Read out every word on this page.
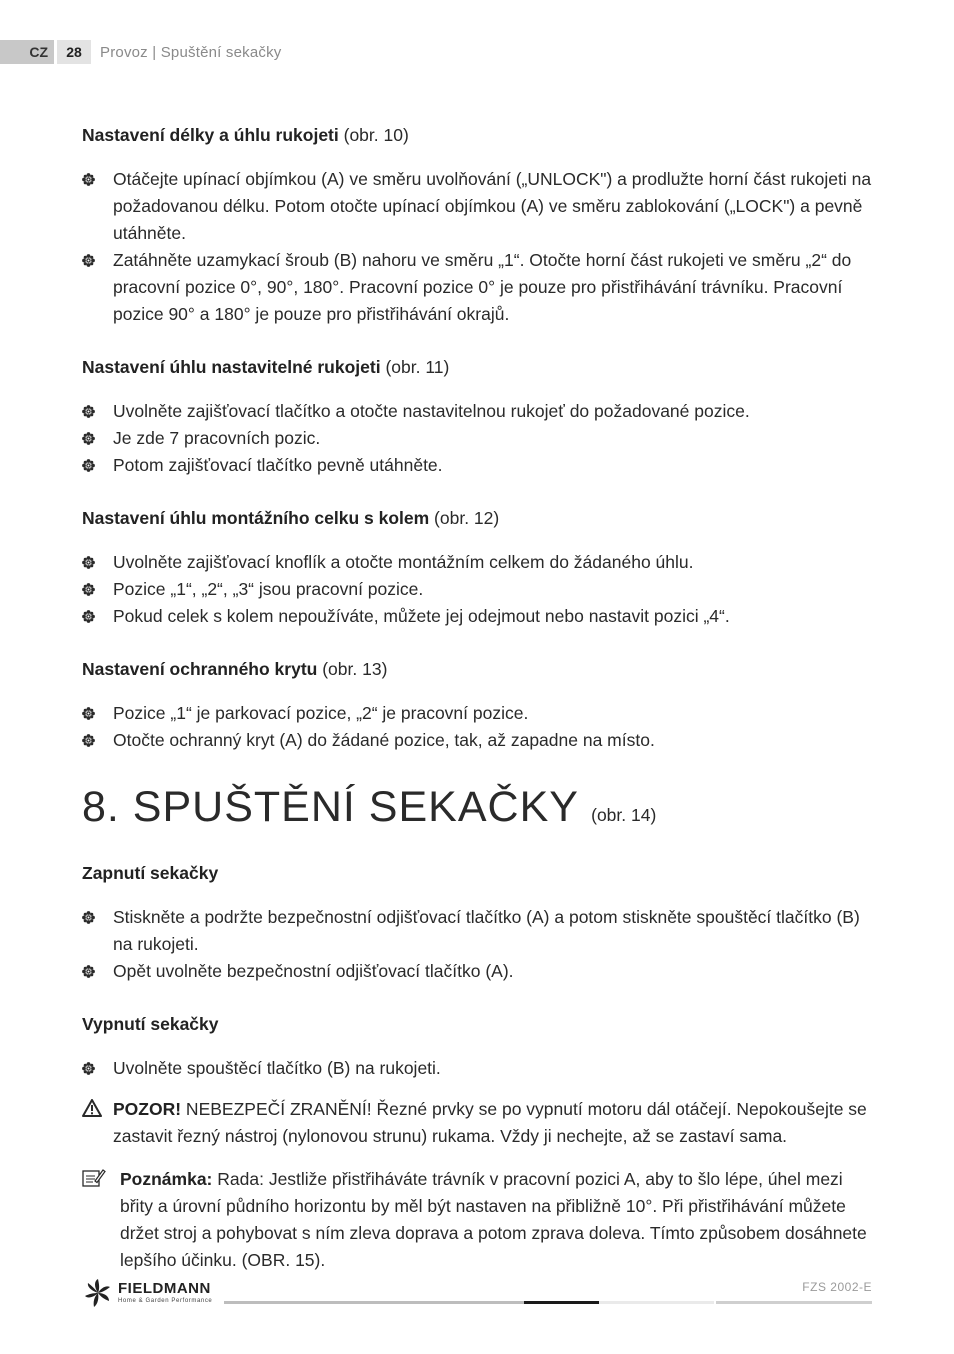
CZ	28	Provoz | Spuštění sekačky
Nastavení délky a úhlu rukojeti (obr. 10)
Otáčejte upínací objímkou (A) ve směru uvolňování („UNLOCK") a prodlužte horní část rukojeti na požadovanou délku. Potom otočte upínací objímkou (A) ve směru zablokování („LOCK") a pevně utáhněte.
Zatáhněte uzamykací šroub (B) nahoru ve směru „1“. Otočte horní část rukojeti ve směru „2“ do pracovní pozice 0°, 90°, 180°. Pracovní pozice 0° je pouze pro přistřihávání trávníku. Pracovní pozice 90° a 180° je pouze pro přistřihávání okrajů.
Nastavení úhlu nastavitelné rukojeti (obr. 11)
Uvolněte zajišťovací tlačítko a otočte nastavitelnou rukojeť do požadované pozice.
Je zde 7 pracovních pozic.
Potom zajišťovací tlačítko pevně utáhněte.
Nastavení úhlu montážního celku s kolem (obr. 12)
Uvolněte zajišťovací knoflík a otočte montážním celkem do žádaného úhlu.
Pozice „1“, „2“, „3“ jsou pracovní pozice.
Pokud celek s kolem nepoužíváte, můžete jej odejmout nebo nastavit pozici „4“.
Nastavení ochranného krytu (obr. 13)
Pozice „1“ je parkovací pozice, „2“ je pracovní pozice.
Otočte ochranný kryt (A) do žádané pozice, tak, až zapadne na místo.
8. SPUŠTĚNÍ SEKAČKY (obr. 14)
Zapnutí sekačky
Stiskněte a podržte bezpečnostní odjišťovací tlačítko (A) a potom stiskněte spouštěcí tlačítko (B) na rukojeti.
Opět uvolněte bezpečnostní odjišťovací tlačítko (A).
Vypnutí sekačky
Uvolněte spouštěcí tlačítko (B) na rukojeti.
POZOR! NEBEZPEČÍ ZRANĚNÍ! Řezné prvky se po vypnutí motoru dál otáčejí. Nepokoušejte se zastavit řezný nástroj (nylonovou strunu) rukama. Vždy ji nechejte, až se zastaví sama.
Poznámka: Rada: Jestliže přistřiháváte trávník v pracovní pozici A, aby to šlo lépe, úhel mezi břity a úrovní půdního horizontu by měl být nastaven na přibližně 10°. Při přistřihávání můžete držet stroj a pohybovat s ním zleva doprava a potom zprava doleva. Tímto způsobem dosáhnete lepšího účinku. (OBR. 15).
FIELDMANN
Home & Garden Performance
FZS 2002-E
